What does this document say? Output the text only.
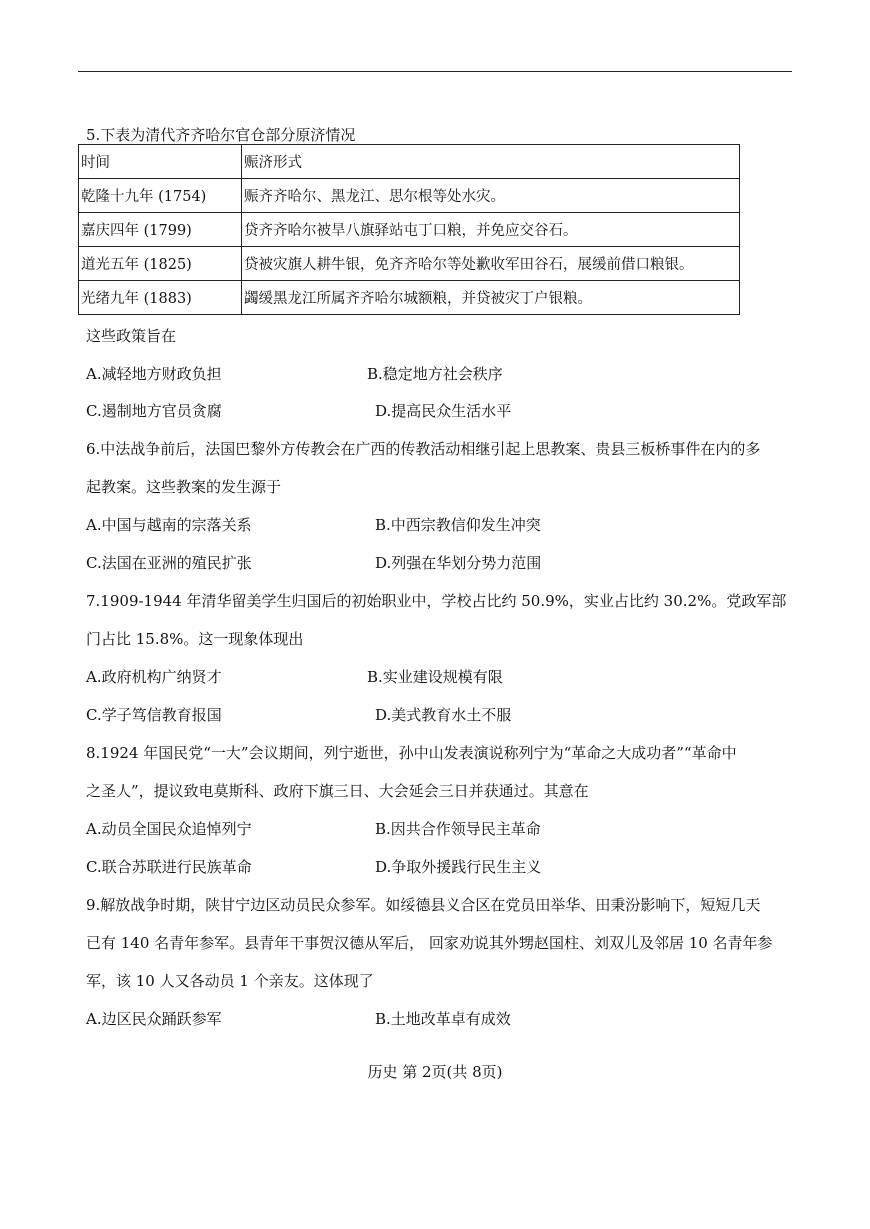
5.下表为清代齐齐哈尔官仓部分原济情况
时间	赈济形式
乾隆十九年 (1754)	赈齐齐哈尔、黑龙江、思尔根等处水灾。
嘉庆四年 (1799)	贷齐齐哈尔被旱八旗驿站屯丁口粮，并免应交谷石。
道光五年 (1825)	贷被灾旗人耕牛银，免齐齐哈尔等处歉收军田谷石，展缓前借口粮银。
光绪九年 (1883)	蠲缓黑龙江所属齐齐哈尔城额粮，并贷被灾丁户银粮。
这些政策旨在
A.减轻地方财政负担	B.稳定地方社会秩序
C.遏制地方官员贪腐	D.提高民众生活水平
6.中法战争前后，法国巴黎外方传教会在广西的传教活动相继引起上思教案、贵县三板桥事件在内的多
起教案。这些教案的发生源于
A.中国与越南的宗落关系	B.中西宗教信仰发生冲突
C.法国在亚洲的殖民扩张	D.列强在华划分势力范围
7.1909-1944 年清华留美学生归国后的初始职业中，学校占比约 50.9%，实业占比约 30.2%。党政军部
门占比 15.8%。这一现象体现出
A.政府机构广纳贤才	B.实业建设规模有限
C.学子笃信教育报国	D.美式教育水土不服
8.1924 年国民党“一大”会议期间，列宁逝世，孙中山发表演说称列宁为“革命之大成功者”“革命中
之圣人”，提议致电莫斯科、政府下旗三日、大会延会三日并获通过。其意在
A.动员全国民众追悼列宁	B.因共合作领导民主革命
C.联合苏联进行民族革命	D.争取外援践行民生主义
9.解放战争时期，陕甘宁边区动员民众参军。如绥德县义合区在党员田举华、田秉汾影响下，短短几天
已有 140 名青年参军。县青年干事贺汉德从军后， 回家劝说其外甥赵国柱、刘双儿及邻居 10 名青年参
军，该 10 人又各动员 1 个亲友。这体现了
A.边区民众踊跃参军	B.土地改革卓有成效
历史 第 2页(共 8页)
